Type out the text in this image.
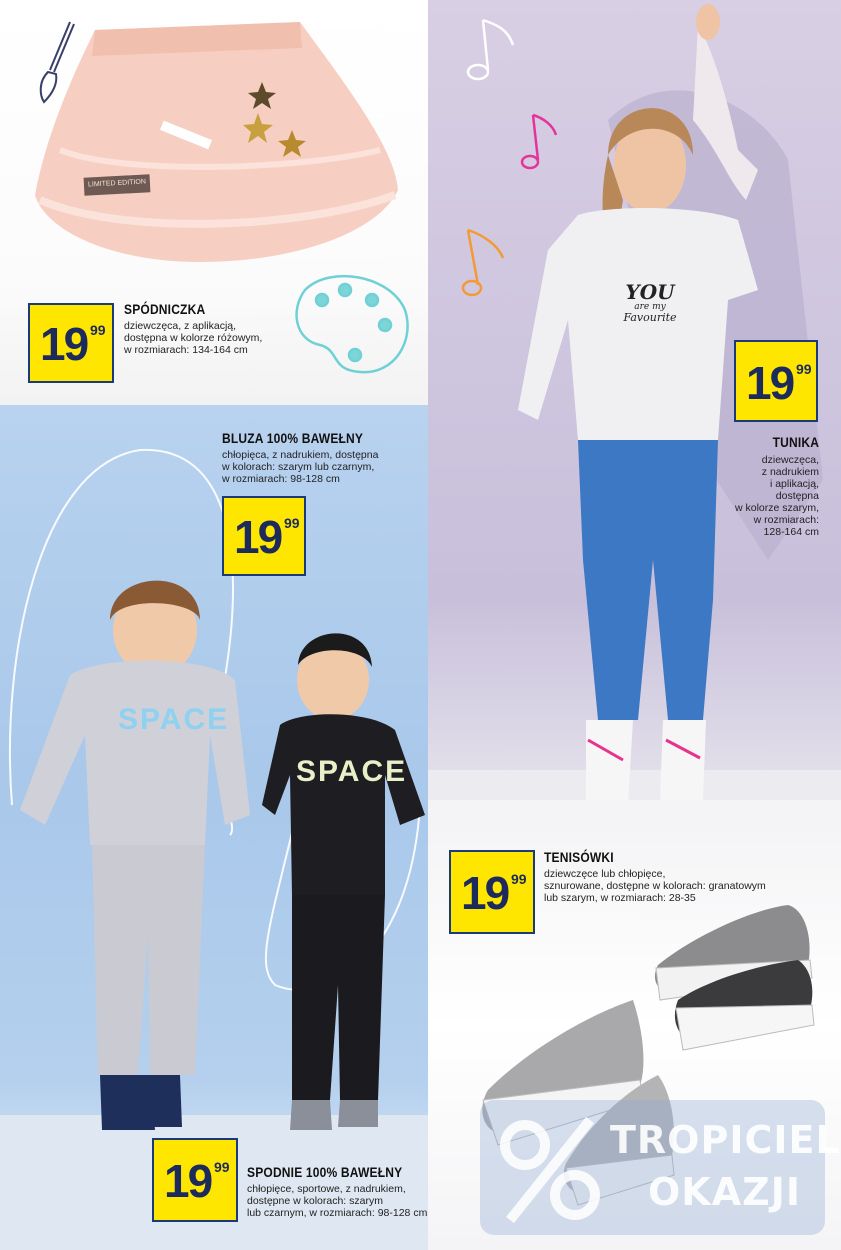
LIMITED EDITION
19 99
SPÓDNICZKA
dziewczęca, z aplikacją,
dostępna w kolorze różowym,
w rozmiarach: 134-164 cm
SPACE
SPACE
BLUZA 100% BAWEŁNY
chłopięca, z nadrukiem, dostępna
w kolorach: szarym lub czarnym,
w rozmiarach: 98-128 cm
19 99
19 99 SPODNIE 100% BAWEŁNY
chłopięce, sportowe, z nadrukiem,
dostępne w kolorach: szarym
lub czarnym, w rozmiarach: 98-128 cm
YOU
are my
Favourite
19 99
TUNIKA
dziewczęca,
z nadrukiem
i aplikacją,
dostępna
w kolorze szarym,
w rozmiarach:
128-164 cm
19 99
TENISÓWKI
dziewczęce lub chłopięce,
sznurowane, dostępne w kolorach: granatowym
lub szarym, w rozmiarach: 28-35
TROPICIEL
OKAZJI
